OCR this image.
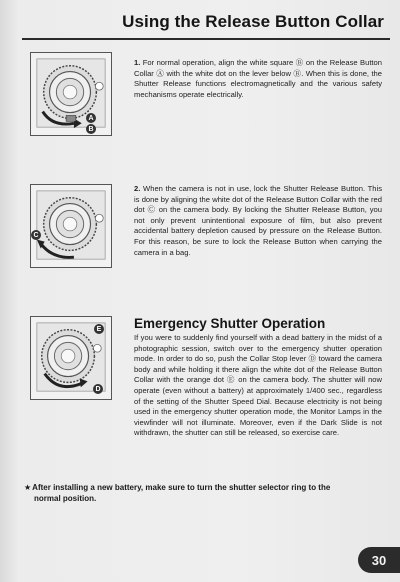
Using the Release Button Collar
A
B
1. For normal operation, align the white square Ⓑ on the Release Button Collar Ⓐ with the white dot on the lever below Ⓑ. When this is done, the Shutter Release functions electromagnetically and the various safety mechanisms operate electrically.
C
2. When the camera is not in use, lock the Shutter Release Button. This is done by aligning the white dot of the Release Button Collar with the red dot Ⓒ on the camera body. By locking the Shutter Release Button, you not only prevent unintentional exposure of film, but also prevent accidental battery depletion caused by pressure on the Release Button. For this reason, be sure to lock the Release Button when carrying the camera in a bag.
E
D
Emergency Shutter Operation
If you were to suddenly find yourself with a dead battery in the midst of a photographic session, switch over to the emergency shutter operation mode. In order to do so, push the Collar Stop lever Ⓓ toward the camera body and while holding it there align the white dot of the Release Button Collar with the orange dot Ⓔ on the camera body. The shutter will now operate (even without a battery) at approximately 1/400 sec., regardless of the setting of the Shutter Speed Dial. Because electricity is not being used in the emergency shutter operation mode, the Monitor Lamps in the viewfinder will not illuminate. Moreover, even if the Dark Slide is not withdrawn, the shutter can still be released, so exercise care.
★After installing a new battery, make sure to turn the shutter selector ring to the
normal position.
30
